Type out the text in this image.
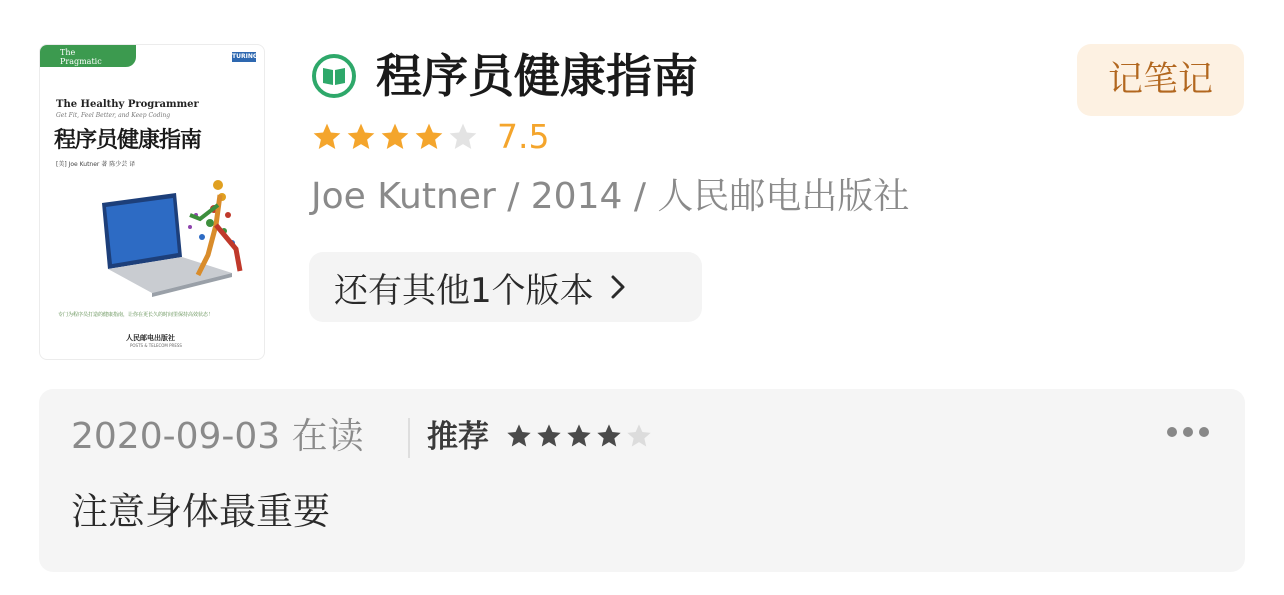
The
Pragmatic
Programmers
TURING
The Healthy Programmer
Get Fit, Feel Better, and Keep Coding
程序员健康指南
[美] Joe Kutner 著 陈少芸 译
专门为程序员打造的健康指南，让你在更长久的时间里保持高效状态！
人民邮电出版社
POSTS & TELECOM PRESS
程序员健康指南	记笔记
7.5
Joe Kutner / 2014 / 人民邮电出版社
还有其他1个版本
2020-09-03 在读 推荐
注意身体最重要
